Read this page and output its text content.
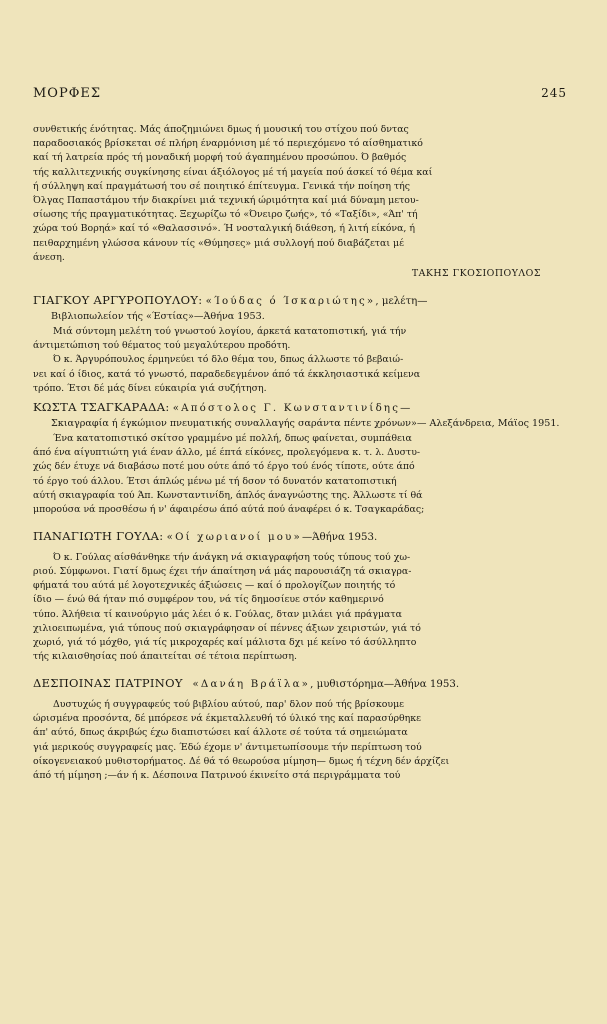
ΜΟΡΦΕΣ	245

συνθετικής ένότητας. Μάς άποζημιώνει δμως ή μουσική του στίχου πού δντας

παραδοσιακός βρίσκεται σέ πλήρη έναρμόνιση μέ τό περιεχόμενο τό αίσθηματικό

καί τή λατρεία πρός τή μοναδική μορφή τού άγαπημένου προσώπου. Ό βαθμός

τής καλλιτεχνικής συγκίνησης είναι άξιόλογος μέ τή μαγεία πού άσκεί τό θέμα καί

ή σύλληψη καί πραγμάτωσή του σέ ποιητικό έπίτευγμα. Γενικά τήν ποίηση τής

Όλγας Παπαστάμου τήν διακρίνει μιά τεχνική ώριμότητα καί μιά δύναμη μετου-

σίωσης τής πραγματικότητας. Ξεχωρίζω τό «Όνειρο ζωής», τό «Ταξίδι», «Άπ' τή

χώρα τού Βορηά» καί τό «Θαλασσινό». Ή νοσταλγική διάθεση, ή λιτή είκόνα, ή

πειθαρχημένη γλώσσα κάνουν τίς «Θύμησες» μιά συλλογή πού διαβάζεται μέ

άνεση.

ΤΑΚΗΣ ΓΚΟΣΙΟΠΟΥΛΟΣ
ΓΙΑΓΚΟΥ ΑΡΓΥΡΟΠΟΥΛΟΥ: «Ίούδας ό Ίσκαριώτης», μελέτη—
Βιβλιοπωλείον τής «Έστίας»—Άθήνα 1953.

Μιά σύντομη μελέτη τού γνωστού λογίου, άρκετά κατατοπιστική, γιά τήν

άντιμετώπιση τού θέματος τού μεγαλύτερου προδότη.

Ό κ. Άργυρόπουλος έρμηνεύει τό δλο θέμα του, δπως άλλωστε τό βεβαιώ-

νει καί ό ίδιος, κατά τό γνωστό, παραδεδεγμένον άπό τά έκκλησιαστικά κείμενα

τρόπο. Έτσι δέ μάς δίνει εύκαιρία γιά συζήτηση.

ΚΩΣΤΑ ΤΣΑΓΚΑΡΑΔΑ: «Απόστολος Γ. Κωνσταντινίδης—
Σκιαγραφία ή έγκώμιον πνευματικής συναλλαγής σαράντα πέντε χρόνων»— Αλεξάνδρεια, Μάϊος 1951.

Ένα κατατοπιστικό σκίτσο γραμμένο μέ πολλή, δπως φαίνεται, συμπάθεια

άπό ένα αίγυπτιώτη γιά έναν άλλο, μέ έπτά είκόνες, προλεγόμενα κ. τ. λ. Δυστυ-

χώς δέν έτυχε νά διαβάσω ποτέ μου ούτε άπό τό έργο τού ένός τίποτε, ούτε άπό

τό έργο τού άλλου. Έτσι άπλώς μένω μέ τή δσον τό δυνατόν κατατοπιστική

αύτή σκιαγραφία τού Άπ. Κωνσταντινίδη, άπλός άναγνώστης της. Άλλωστε τί θά

μπορούσα νά προσθέσω ή ν' άφαιρέσω άπό αύτά πού άναφέρει ό κ. Τσαγκαράδας;

ΠΑΝΑΓΙΩΤΗ ΓΟΥΛΑ: «Οί χωριανοί μου»—Άθήνα 1953.

Ό κ. Γούλας αίσθάνθηκε τήν άνάγκη νά σκιαγραφήση τούς τύπους τού χω-

ριού. Σύμφωνοι. Γιατί δμως έχει τήν άπαίτηση νά μάς παρουσιάζη τά σκιαγρα-

φήματά του αύτά μέ λογοτεχνικές άξιώσεις — καί ό προλογίζων ποιητής τό

ίδιο — ένώ θά ήταν πιό συμφέρον του, νά τίς δημοσίευε στόν καθημερινό

τύπο. Άλήθεια τί καινούργιο μάς λέει ό κ. Γούλας, δταν μιλάει γιά πράγματα

χιλιοειπωμένα, γιά τύπους πού σκιαγράφησαν οί πέννες άξιων χειριστών, γιά τό

χωριό, γιά τό μόχθο, γιά τίς μικροχαρές καί μάλιστα δχι μέ κείνο τό άσύλληπτο

τής κιλαισθησίας πού άπαιτείται σέ τέτοια περίπτωση.

ΔΕΣΠΟΙΝΑΣ ΠΑΤΡΙΝΟΥ «Δανάη Βράϊλα», μυθιστόρημα—Άθήνα 1953.

Δυστυχώς ή συγγραφεύς τού βιβλίου αύτού, παρ' δλον πού τής βρίσκουμε

ώρισμένα προσόντα, δέ μπόρεσε νά έκμεταλλευθή τό ύλικό της καί παρασύρθηκε

άπ' αύτό, δπως άκριβώς έχω διαπιστώσει καί άλλοτε σέ τούτα τά σημειώματα

γιά μερικούς συγγραφείς μας. Έδώ έχομε ν' άντιμετωπίσουμε τήν περίπτωση τού

οίκογενειακού μυθιστορήματος. Δέ θά τό θεωρούσα μίμηση— δμως ή τέχνη δέν άρχίζει

άπό τή μίμηση ;—άν ή κ. Δέσποινα Πατρινού έκινείτο στά περιγράμματα τού
